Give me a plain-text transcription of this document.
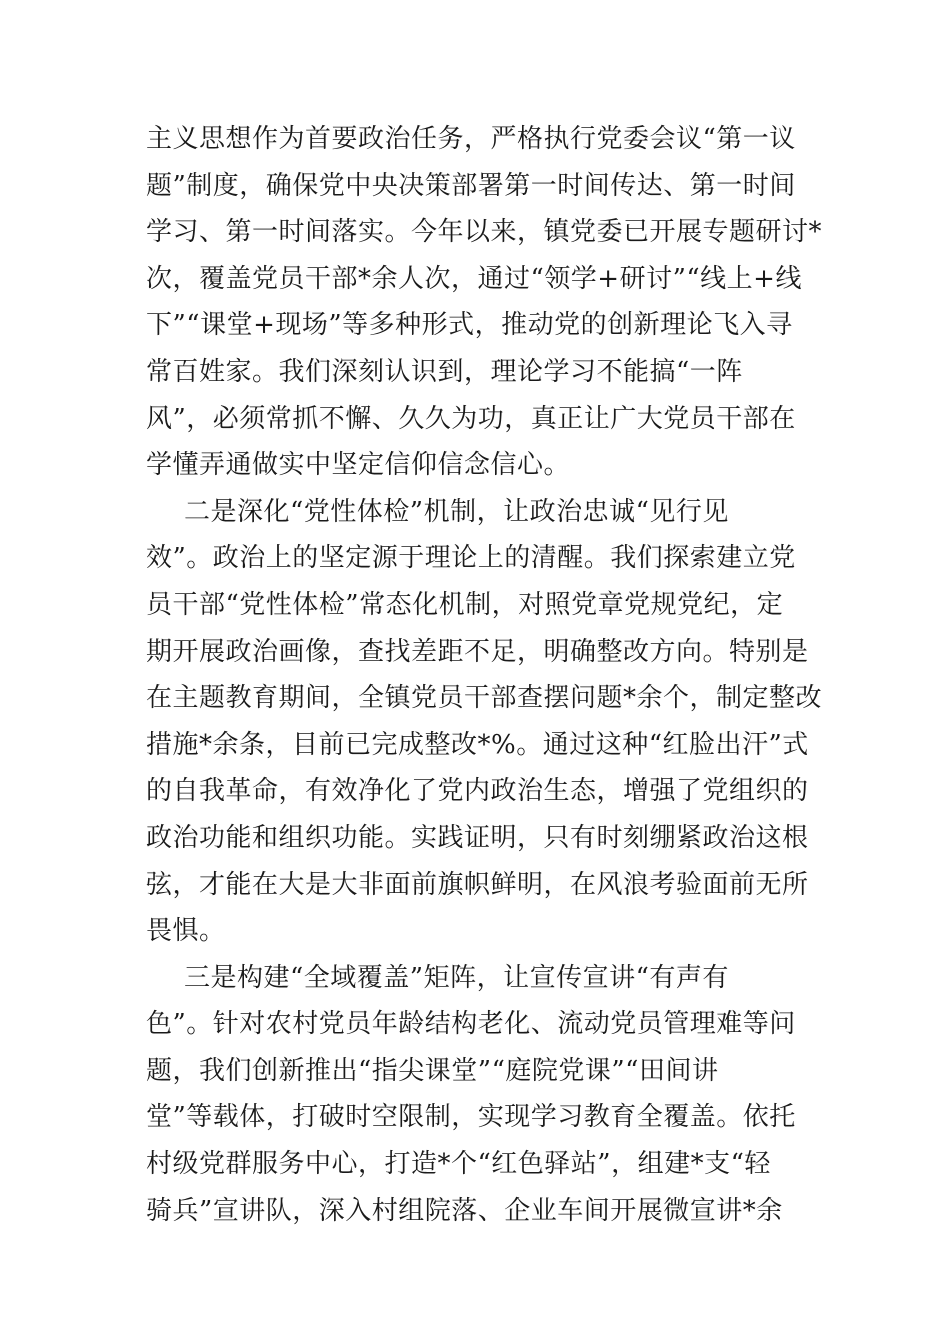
主义思想作为首要政治任务，严格执行党委会议“第一议
题”制度，确保党中央决策部署第一时间传达、第一时间
学习、第一时间落实。今年以来，镇党委已开展专题研讨*
次，覆盖党员干部*余人次，通过“领学+研讨”“线上+线
下”“课堂+现场”等多种形式，推动党的创新理论飞入寻
常百姓家。我们深刻认识到，理论学习不能搞“一阵
风”，必须常抓不懈、久久为功，真正让广大党员干部在
学懂弄通做实中坚定信仰信念信心。
二是深化“党性体检”机制，让政治忠诚“见行见
效”。政治上的坚定源于理论上的清醒。我们探索建立党
员干部“党性体检”常态化机制，对照党章党规党纪，定
期开展政治画像，查找差距不足，明确整改方向。特别是
在主题教育期间，全镇党员干部查摆问题*余个，制定整改
措施*余条，目前已完成整改*%。通过这种“红脸出汗”式
的自我革命，有效净化了党内政治生态，增强了党组织的
政治功能和组织功能。实践证明，只有时刻绷紧政治这根
弦，才能在大是大非面前旗帜鲜明，在风浪考验面前无所
畏惧。
三是构建“全域覆盖”矩阵，让宣传宣讲“有声有
色”。针对农村党员年龄结构老化、流动党员管理难等问
题，我们创新推出“指尖课堂”“庭院党课”“田间讲
堂”等载体，打破时空限制，实现学习教育全覆盖。依托
村级党群服务中心，打造*个“红色驿站”，组建*支“轻
骑兵”宣讲队，深入村组院落、企业车间开展微宣讲*余
